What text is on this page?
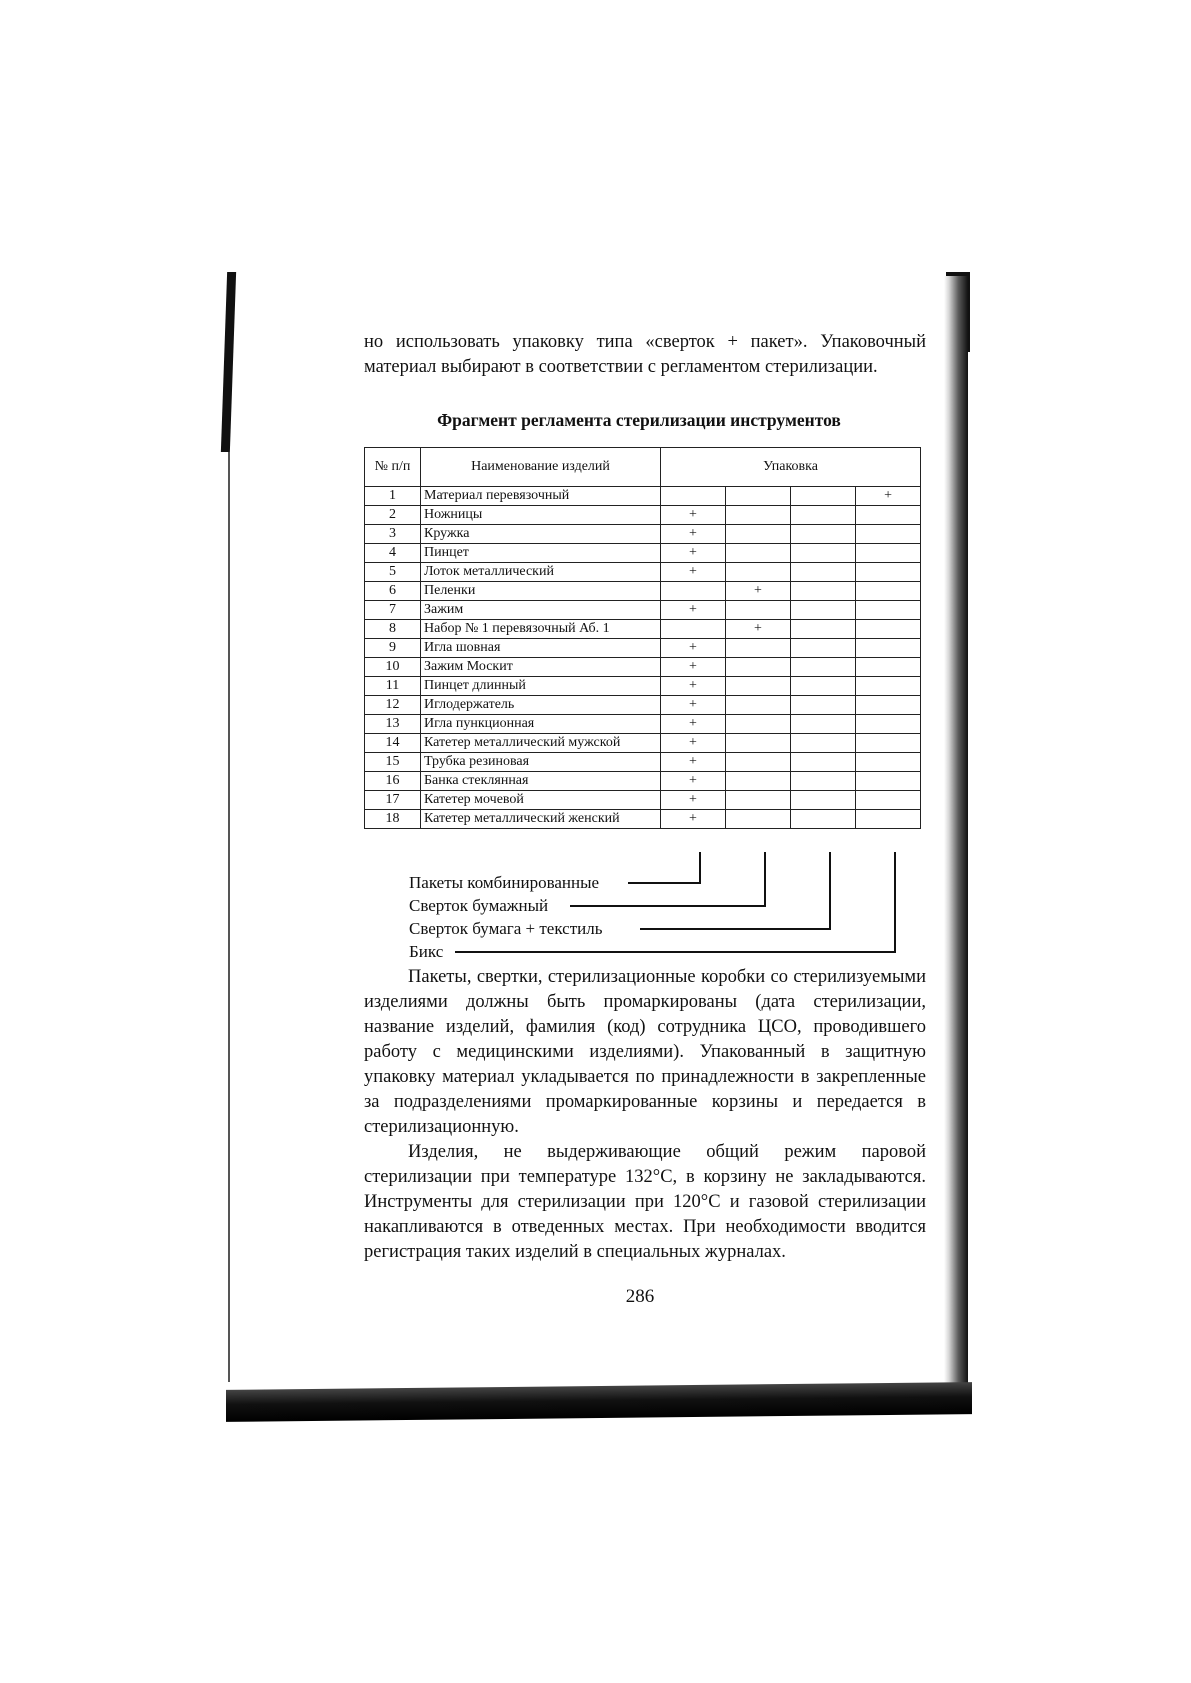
но использовать упаковку типа «сверток + пакет». Упаковочный материал выбирают в соответствии с регламентом стерилизации.

Фрагмент регламента стерилизации инструментов
№ п/п	Наименование изделий	Упаковка			
1	Материал перевязочный				+
2	Ножницы	+			
3	Кружка	+			
4	Пинцет	+			
5	Лоток металлический	+			
6	Пеленки		+		
7	Зажим	+			
8	Набор № 1 перевязочный Аб. 1		+		
9	Игла шовная	+			
10	Зажим Москит	+			
11	Пинцет длинный	+			
12	Иглодержатель	+			
13	Игла пункционная	+			
14	Катетер металлический мужской	+			
15	Трубка резиновая	+			
16	Банка стеклянная	+			
17	Катетер мочевой	+			
18	Катетер металлический женский	+			
Пакеты комбинированные
Сверток бумажный
Сверток бумага + текстиль
Бикс

Пакеты, свертки, стерилизационные коробки со стерилизуемыми изделиями должны быть промаркированы (дата стерилизации, название изделий, фамилия (код) сотрудника ЦСО, проводившего работу с медицинскими изделиями). Упакованный в защитную упаковку материал укладывается по принадлежности в закрепленные за подразделениями промаркированные корзины и передается в стерилизационную.

Изделия, не выдерживающие общий режим паровой стерилизации при температуре 132°С, в корзину не закладываются. Инструменты для стерилизации при 120°С и газовой стерилизации накапливаются в отведенных местах. При необходимости вводится регистрация таких изделий в специальных журналах.

286
